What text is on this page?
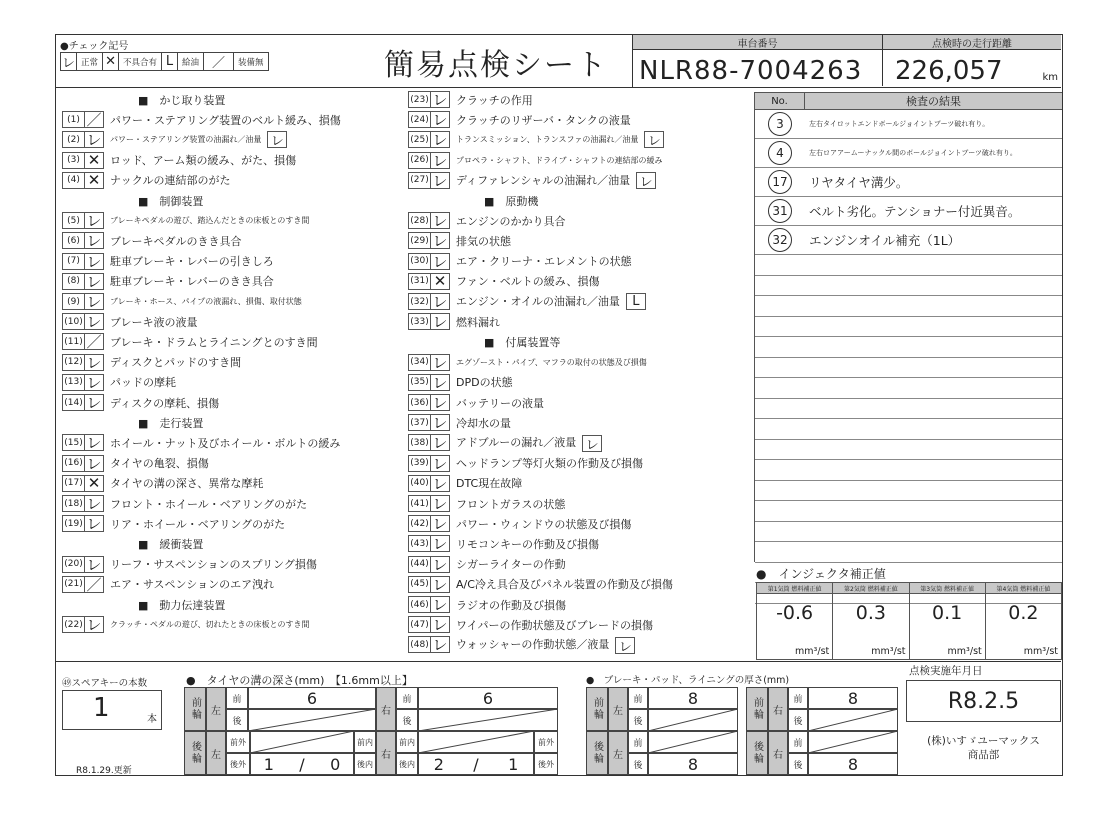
●チェック記号
レ 正常 ✕ 不具合有 L	給油 ／	装備無	簡易点検シート
車台番号	点検時の走行距離
NLR88-7004263	226,057	km
■　かじ取り装置
(1) ／ パワー・ステアリング装置のベルト緩み、損傷
(2) レ	パワー・ステアリング装置の油漏れ／油量 レ
(3) ✕ ロッド、アーム類の緩み、がた、損傷
(4) ✕ ナックルの連結部のがた
■　制御装置
(5) レ	ブレーキペダルの遊び、踏込んだときの床板とのすき間
(6) レ ブレーキペダルのきき具合
(7) レ 駐車ブレーキ・レバーの引きしろ
(8) レ 駐車ブレーキ・レバーのきき具合
(9) レ	ブレーキ・ホース、パイプの液漏れ、損傷、取付状態
(10) レ ブレーキ液の液量
(11) ／ ブレーキ・ドラムとライニングとのすき間
(12) レ ディスクとパッドのすき間
(13) レ パッドの摩耗
(14) レ ディスクの摩耗、損傷
■　走行装置
(15) レ ホイール・ナット及びホイール・ボルトの緩み
(16) レ タイヤの亀裂、損傷
(17) ✕ タイヤの溝の深さ、異常な摩耗
(18) レ フロント・ホイール・ベアリングのがた
(19) レ リア・ホイール・ベアリングのがた
■　緩衝装置
(20) レ リーフ・サスペンションのスプリング損傷
(21) ／ エア・サスペンションのエア洩れ
■　動力伝達装置
(22) レ	クラッチ・ペダルの遊び、切れたときの床板とのすき間
(23) レ クラッチの作用
(24) レ クラッチのリザーバ・タンクの液量
(25) レ	トランスミッション、トランスファの油漏れ／油量 レ
(26) レ	プロペラ・シャフト、ドライブ・シャフトの連結部の緩み
(27) レ ディファレンシャルの油漏れ／油量 レ
■　原動機
(28) レ エンジンのかかり具合
(29) レ 排気の状態
(30) レ エア・クリーナ・エレメントの状態
(31) ✕ ファン・ベルトの緩み、損傷
(32) レ エンジン・オイルの油漏れ／油量 L
(33) レ 燃料漏れ
■　付属装置等
(34) レ	エグゾースト・パイプ、マフラの取付の状態及び損傷
(35) レ DPDの状態
(36) レ バッテリーの液量
(37) レ 冷却水の量
(38) レ アドブルーの漏れ／液量 レ
(39) レ ヘッドランプ等灯火類の作動及び損傷
(40) レ DTC現在故障
(41) レ フロントガラスの状態
(42) レ パワー・ウィンドウの状態及び損傷
(43) レ リモコンキーの作動及び損傷
(44) レ シガーライターの作動
(45) レ A/C冷え具合及びパネル装置の作動及び損傷
(46) レ ラジオの作動及び損傷
(47) レ ワイパーの作動状態及びブレードの損傷
(48) レ ウォッシャーの作動状態／液量 レ
No.	検査の結果
3	左右タイロットエンドボールジョイントブーツ破れ有り。
4	左右ロアアームーナックル間のボールジョイントブーツ破れ有り。
17	リヤタイヤ溝少。
31	ベルト劣化。テンショナー付近異音。
32	エンジンオイル補充（1L）
●　インジェクタ補正値
第1気筒 燃料補正値
-0.6
mm³/st
第2気筒 燃料補正値
0.3
mm³/st
第3気筒 燃料補正値
0.1
mm³/st
第4気筒 燃料補正値
0.2
mm³/st
㊾スペアキーの本数
1	本
R8.1.29.更新
●　タイヤの溝の深さ(mm)　【1.6mm以上】
前輪	左
前	6
後
右
前	6
後
後輪	左
前外	前内
後外 1 / 0	後内
右
前内	前外
後内 2 / 1	後外
●　ブレーキ・パッド、ライニングの厚さ(mm)
前輪	左
前	8
後
後輪	左
前
後	8
前輪	右
前	8
後
後輪	右
前
後	8
点検実施年月日
R8.2.5
(株)いすゞユーマックス
商品部
